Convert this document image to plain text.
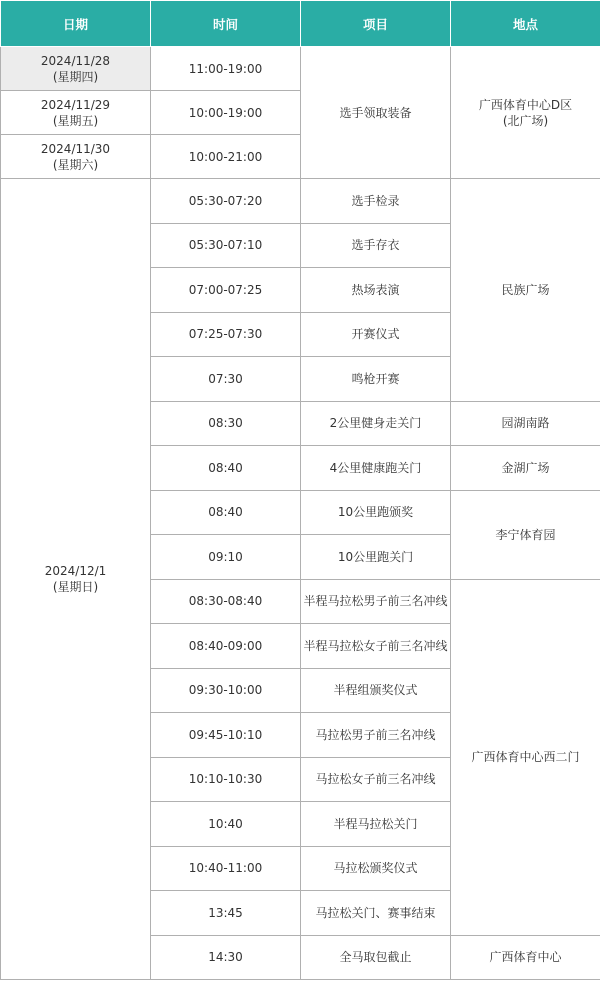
日期	时间	项目	地点

2024/11/28
(星期四)	11:00-19:00	选手领取装备	广西体育中心D区
(北广场)

2024/11/29
(星期五)	10:00-19:00		

2024/11/30
(星期六)	10:00-21:00		

2024/12/1
(星期日)	05:30-07:20	选手检录	民族广场
	05:30-07:10	选手存衣	
	07:00-07:25	热场表演	
	07:25-07:30	开赛仪式	
	07:30	鸣枪开赛	
	08:30	2公里健身走关门	园湖南路
	08:40	4公里健康跑关门	金湖广场
	08:40	10公里跑颁奖	李宁体育园
	09:10	10公里跑关门	
	08:30-08:40	半程马拉松男子前三名冲线	广西体育中心西二门
	08:40-09:00	半程马拉松女子前三名冲线	
	09:30-10:00	半程组颁奖仪式	
	09:45-10:10	马拉松男子前三名冲线	
	10:10-10:30	马拉松女子前三名冲线	
	10:40	半程马拉松关门	
	10:40-11:00	马拉松颁奖仪式	
	13:45	马拉松关门、赛事结束	
	14:30	全马取包截止	广西体育中心
